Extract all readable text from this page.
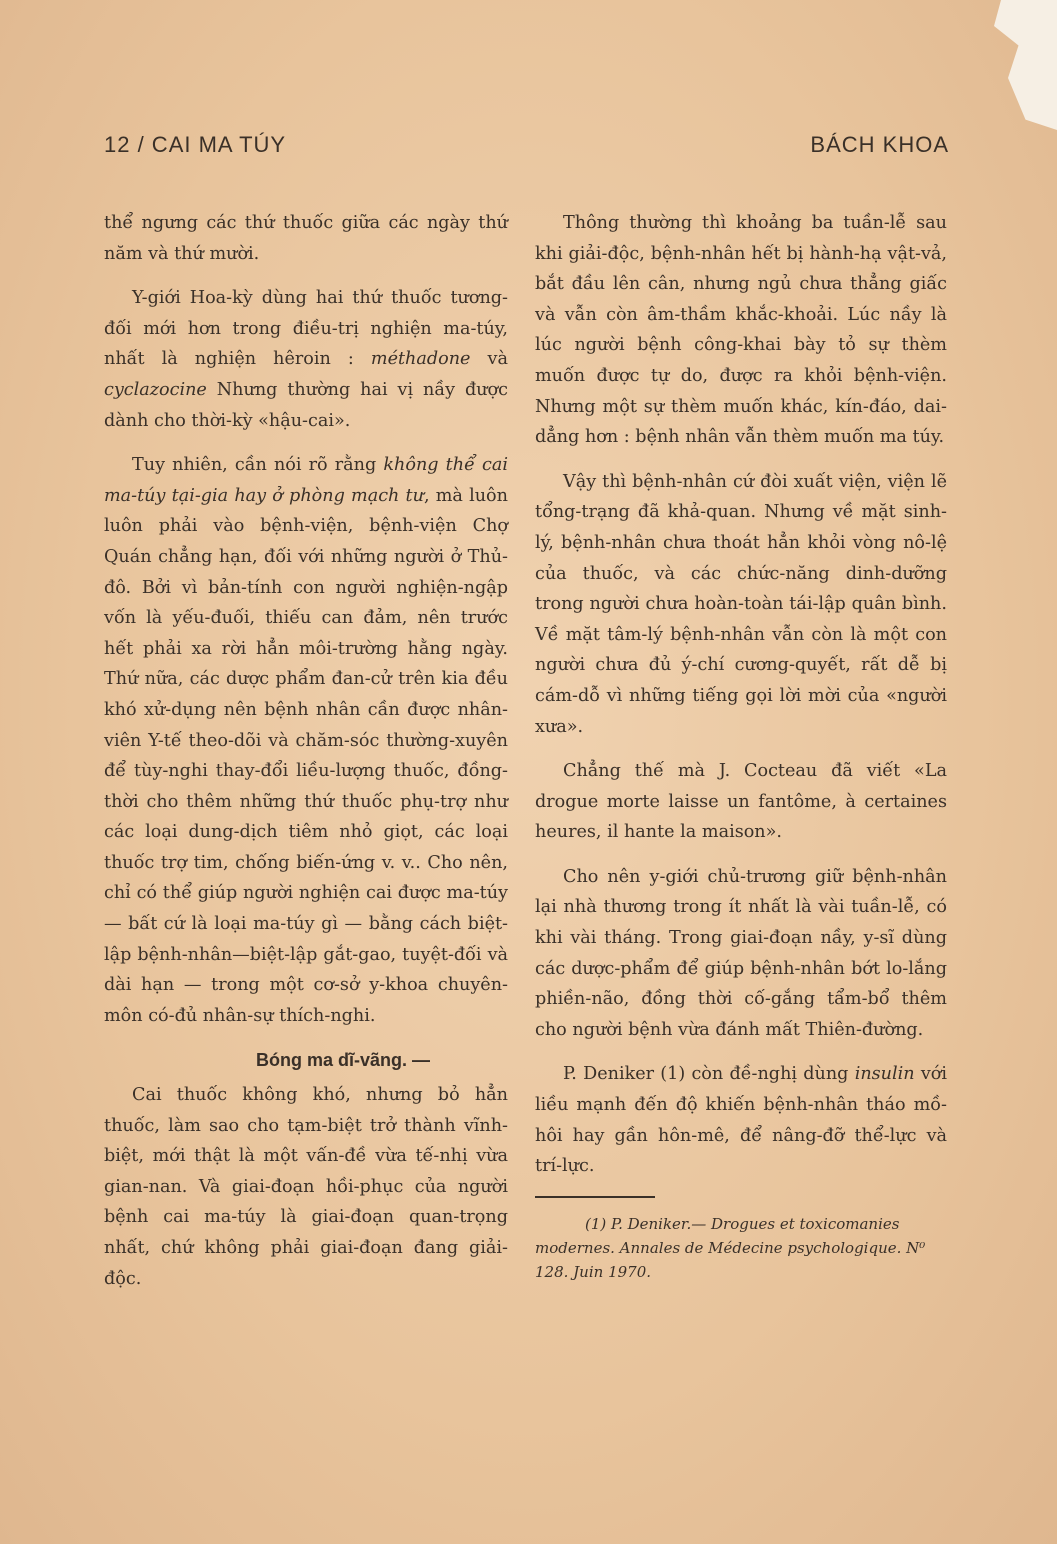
12 / CAI MA TÚY	BÁCH KHOA

thể ngưng các thứ thuốc giữa các ngày thứ năm và thứ mười.

Y-giới Hoa-kỳ dùng hai thứ thuốc tương-đối mới hơn trong điều-trị nghiện ma-túy, nhất là nghiện hêroin : méthadone và cyclazocine Nhưng thường hai vị nầy được dành cho thời-kỳ «hậu-cai».

Tuy nhiên, cần nói rõ rằng không thể cai ma-túy tại-gia hay ở phòng mạch tư, mà luôn luôn phải vào bệnh-viện, bệnh-viện Chợ Quán chẳng hạn, đối với những người ở Thủ-đô. Bởi vì bản-tính con người nghiện-ngập vốn là yếu-đuối, thiếu can đảm, nên trước hết phải xa rời hẳn môi-trường hằng ngày. Thứ nữa, các dược phẩm đan-cử trên kia đều khó xử-dụng nên bệnh nhân cần được nhân-viên Y-tế theo-dõi và chăm-sóc thường-xuyên để tùy-nghi thay-đổi liều-lượng thuốc, đồng-thời cho thêm những thứ thuốc phụ-trợ như các loại dung-dịch tiêm nhỏ giọt, các loại thuốc trợ tim, chống biến-ứng v. v.. Cho nên, chỉ có thể giúp người nghiện cai được ma-túy — bất cứ là loại ma-túy gì — bằng cách biệt-lập bệnh-nhân—biệt-lập gắt-gao, tuyệt-đối và dài hạn — trong một cơ-sở y-khoa chuyên-môn có-đủ nhân-sự thích-nghi.

Bóng ma dĩ-vãng. —

Cai thuốc không khó, nhưng bỏ hẳn thuốc, làm sao cho tạm-biệt trở thành vĩnh-biệt, mới thật là một vấn-đề vừa tế-nhị vừa gian-nan. Và giai-đoạn hồi-phục của người bệnh cai ma-túy là giai-đoạn quan-trọng nhất, chứ không phải giai-đoạn đang giải-độc.

Thông thường thì khoảng ba tuần-lễ sau khi giải-độc, bệnh-nhân hết bị hành-hạ vật-vả, bắt đầu lên cân, nhưng ngủ chưa thẳng giấc và vẫn còn âm-thầm khắc-khoải. Lúc nầy là lúc người bệnh công-khai bày tỏ sự thèm muốn được tự do, được ra khỏi bệnh-viện. Nhưng một sự thèm muốn khác, kín-đáo, dai-dẳng hơn : bệnh nhân vẫn thèm muốn ma túy.

Vậy thì bệnh-nhân cứ đòi xuất viện, viện lẽ tổng-trạng đã khả-quan. Nhưng về mặt sinh-lý, bệnh-nhân chưa thoát hẳn khỏi vòng nô-lệ của thuốc, và các chức-năng dinh-dưỡng trong người chưa hoàn-toàn tái-lập quân bình. Về mặt tâm-lý bệnh-nhân vẫn còn là một con người chưa đủ ý-chí cương-quyết, rất dễ bị cám-dỗ vì những tiếng gọi lời mời của «người xưa».

Chẳng thế mà J. Cocteau đã viết «La drogue morte laisse un fantôme, à certaines heures, il hante la maison».

Cho nên y-giới chủ-trương giữ bệnh-nhân lại nhà thương trong ít nhất là vài tuần-lễ, có khi vài tháng. Trong giai-đoạn nầy, y-sĩ dùng các dược-phẩm để giúp bệnh-nhân bớt lo-lắng phiền-não, đồng thời cố-gắng tẩm-bổ thêm cho người bệnh vừa đánh mất Thiên-đường.

P. Deniker (1) còn đề-nghị dùng insulin với liều mạnh đến độ khiến bệnh-nhân tháo mồ-hôi hay gần hôn-mê, để nâng-đỡ thể-lực và trí-lực.

(1) P. Deniker.— Drogues et toxicomanies modernes. Annales de Médecine psychologique. N⁰ 128. Juin 1970.
